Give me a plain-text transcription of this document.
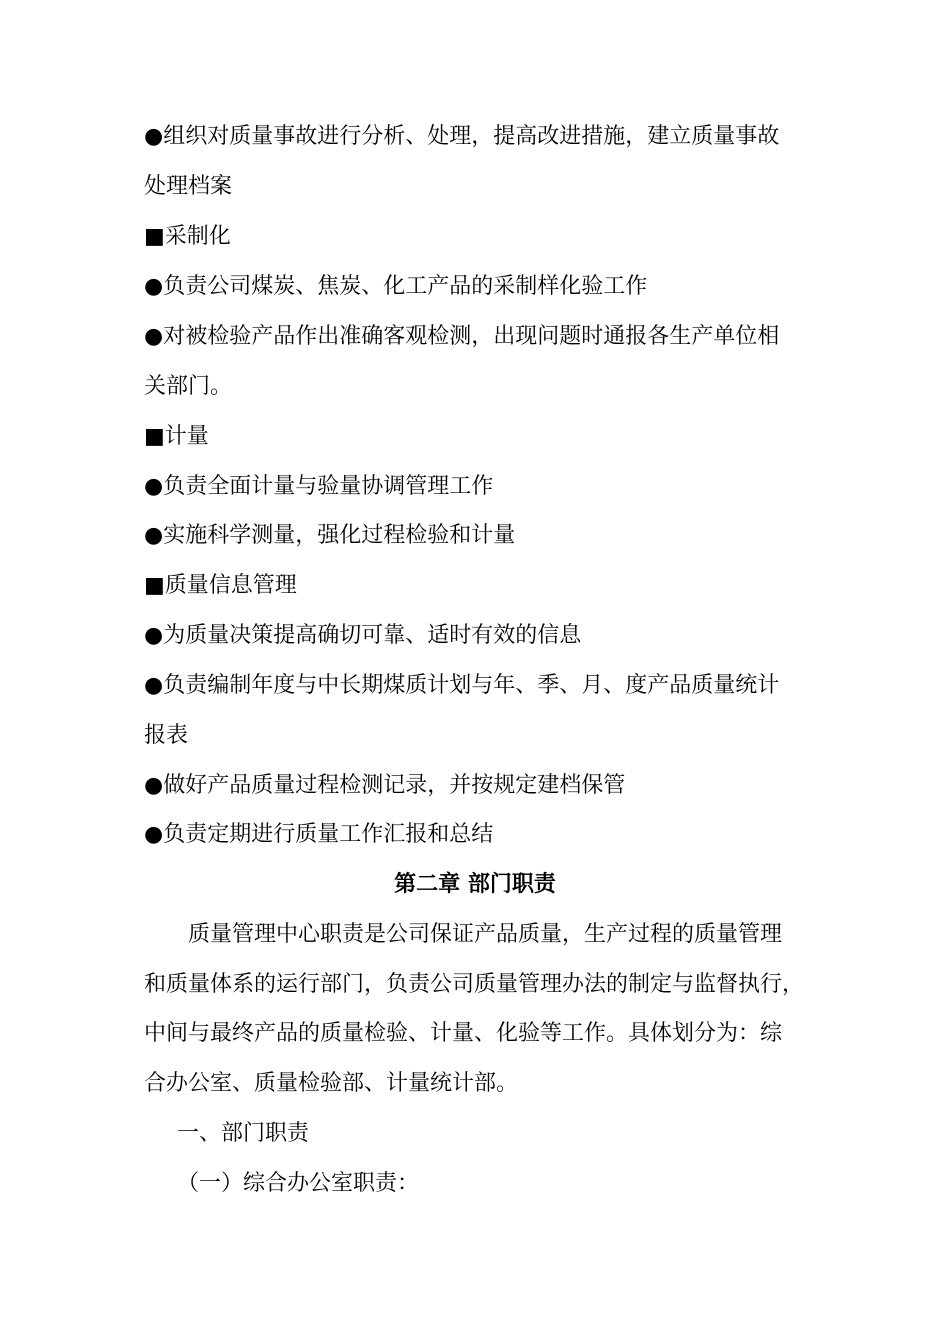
●组织对质量事故进行分析、处理，提高改进措施，建立质量事故
处理档案
■采制化
●负责公司煤炭、焦炭、化工产品的采制样化验工作
●对被检验产品作出准确客观检测，出现问题时通报各生产单位相
关部门。
■计量
●负责全面计量与验量协调管理工作
●实施科学测量，强化过程检验和计量
■质量信息管理
●为质量决策提高确切可靠、适时有效的信息
●负责编制年度与中长期煤质计划与年、季、月、度产品质量统计
报表
●做好产品质量过程检测记录，并按规定建档保管
●负责定期进行质量工作汇报和总结
第二章 部门职责
质量管理中心职责是公司保证产品质量，生产过程的质量管理
和质量体系的运行部门，负责公司质量管理办法的制定与监督执行，
中间与最终产品的质量检验、计量、化验等工作。具体划分为：综
合办公室、质量检验部、计量统计部。
一、部门职责
（一）综合办公室职责：
